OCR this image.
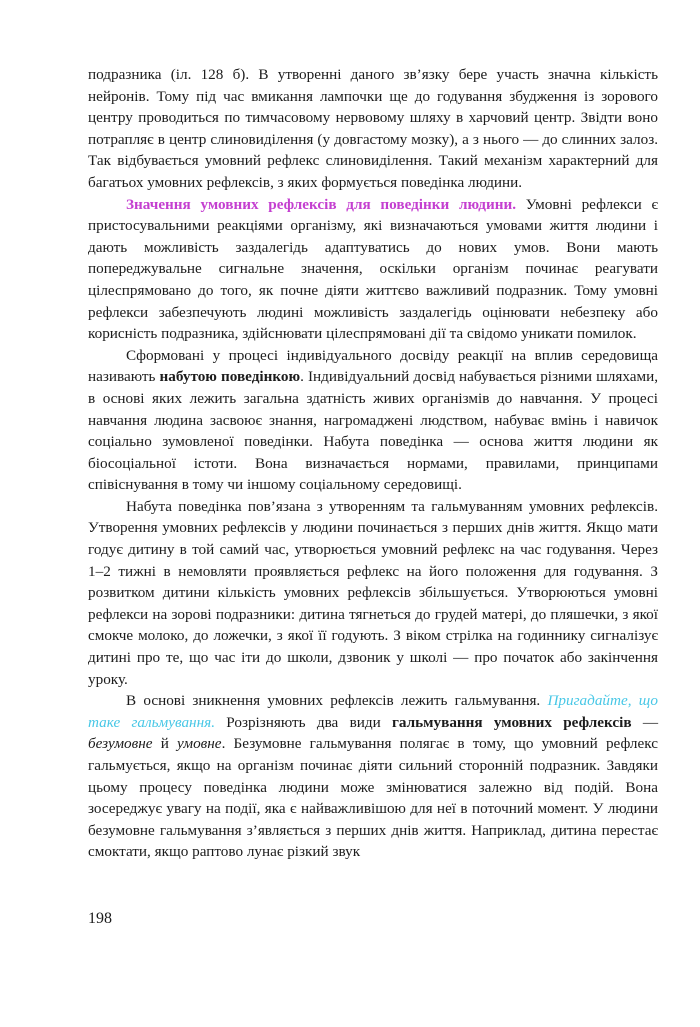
подразника (іл. 128 б). В утворенні даного зв’язку бере участь значна кількість нейронів. Тому під час вмикання лампочки ще до годування збудження із зорового центру проводиться по тимчасовому нервовому шляху в харчовий центр. Звідти воно потрапляє в центр слиновиділення (у довгастому мозку), а з нього — до слинних залоз. Так відбувається умовний рефлекс слиновиділення. Такий механізм характерний для багатьох умовних рефлексів, з яких формується поведінка людини.

Значення умовних рефлексів для поведінки людини. Умовні рефлекси є пристосувальними реакціями організму, які визначаються умовами життя людини і дають можливість заздалегідь адаптуватись до нових умов. Вони мають попереджувальне сигнальне значення, оскільки організм починає реагувати цілеспрямовано до того, як почне діяти життєво важливий подразник. Тому умовні рефлекси забезпечують людині можливість заздалегідь оцінювати небезпеку або корисність подразника, здійснювати цілеспрямовані дії та свідомо уникати помилок.

Сформовані у процесі індивідуального досвіду реакції на вплив середовища називають набутою поведінкою. Індивідуальний досвід набувається різними шляхами, в основі яких лежить загальна здатність живих організмів до навчання. У процесі навчання людина засвоює знання, нагромаджені людством, набуває вмінь і навичок соціально зумовленої поведінки. Набута поведінка — основа життя людини як біосоціальної істоти. Вона визначається нормами, правилами, принципами співіснування в тому чи іншому соціальному середовищі.

Набута поведінка пов’язана з утворенням та гальмуванням умовних рефлексів. Утворення умовних рефлексів у людини починається з перших днів життя. Якщо мати годує дитину в той самий час, утворюється умовний рефлекс на час годування. Через 1–2 тижні в немовляти проявляється рефлекс на його положення для годування. З розвитком дитини кількість умовних рефлексів збільшується. Утворюються умовні рефлекси на зорові подразники: дитина тягнеться до грудей матері, до пляшечки, з якої смокче молоко, до ложечки, з якої її годують. З віком стрілка на годиннику сигналізує дитині про те, що час іти до школи, дзвоник у школі — про початок або закінчення уроку.

В основі зникнення умовних рефлексів лежить гальмування. Пригадайте, що таке гальмування. Розрізняють два види гальмування умовних рефлексів — безумовне й умовне. Безумовне гальмування полягає в тому, що умовний рефлекс гальмується, якщо на організм починає діяти сильний сторонній подразник. Завдяки цьому процесу поведінка людини може змінюватися залежно від подій. Вона зосереджує увагу на події, яка є найважливішою для неї в поточний момент. У людини безумовне гальмування з’являється з перших днів життя. Наприклад, дитина перестає смоктати, якщо раптово лунає різкий звук

198
